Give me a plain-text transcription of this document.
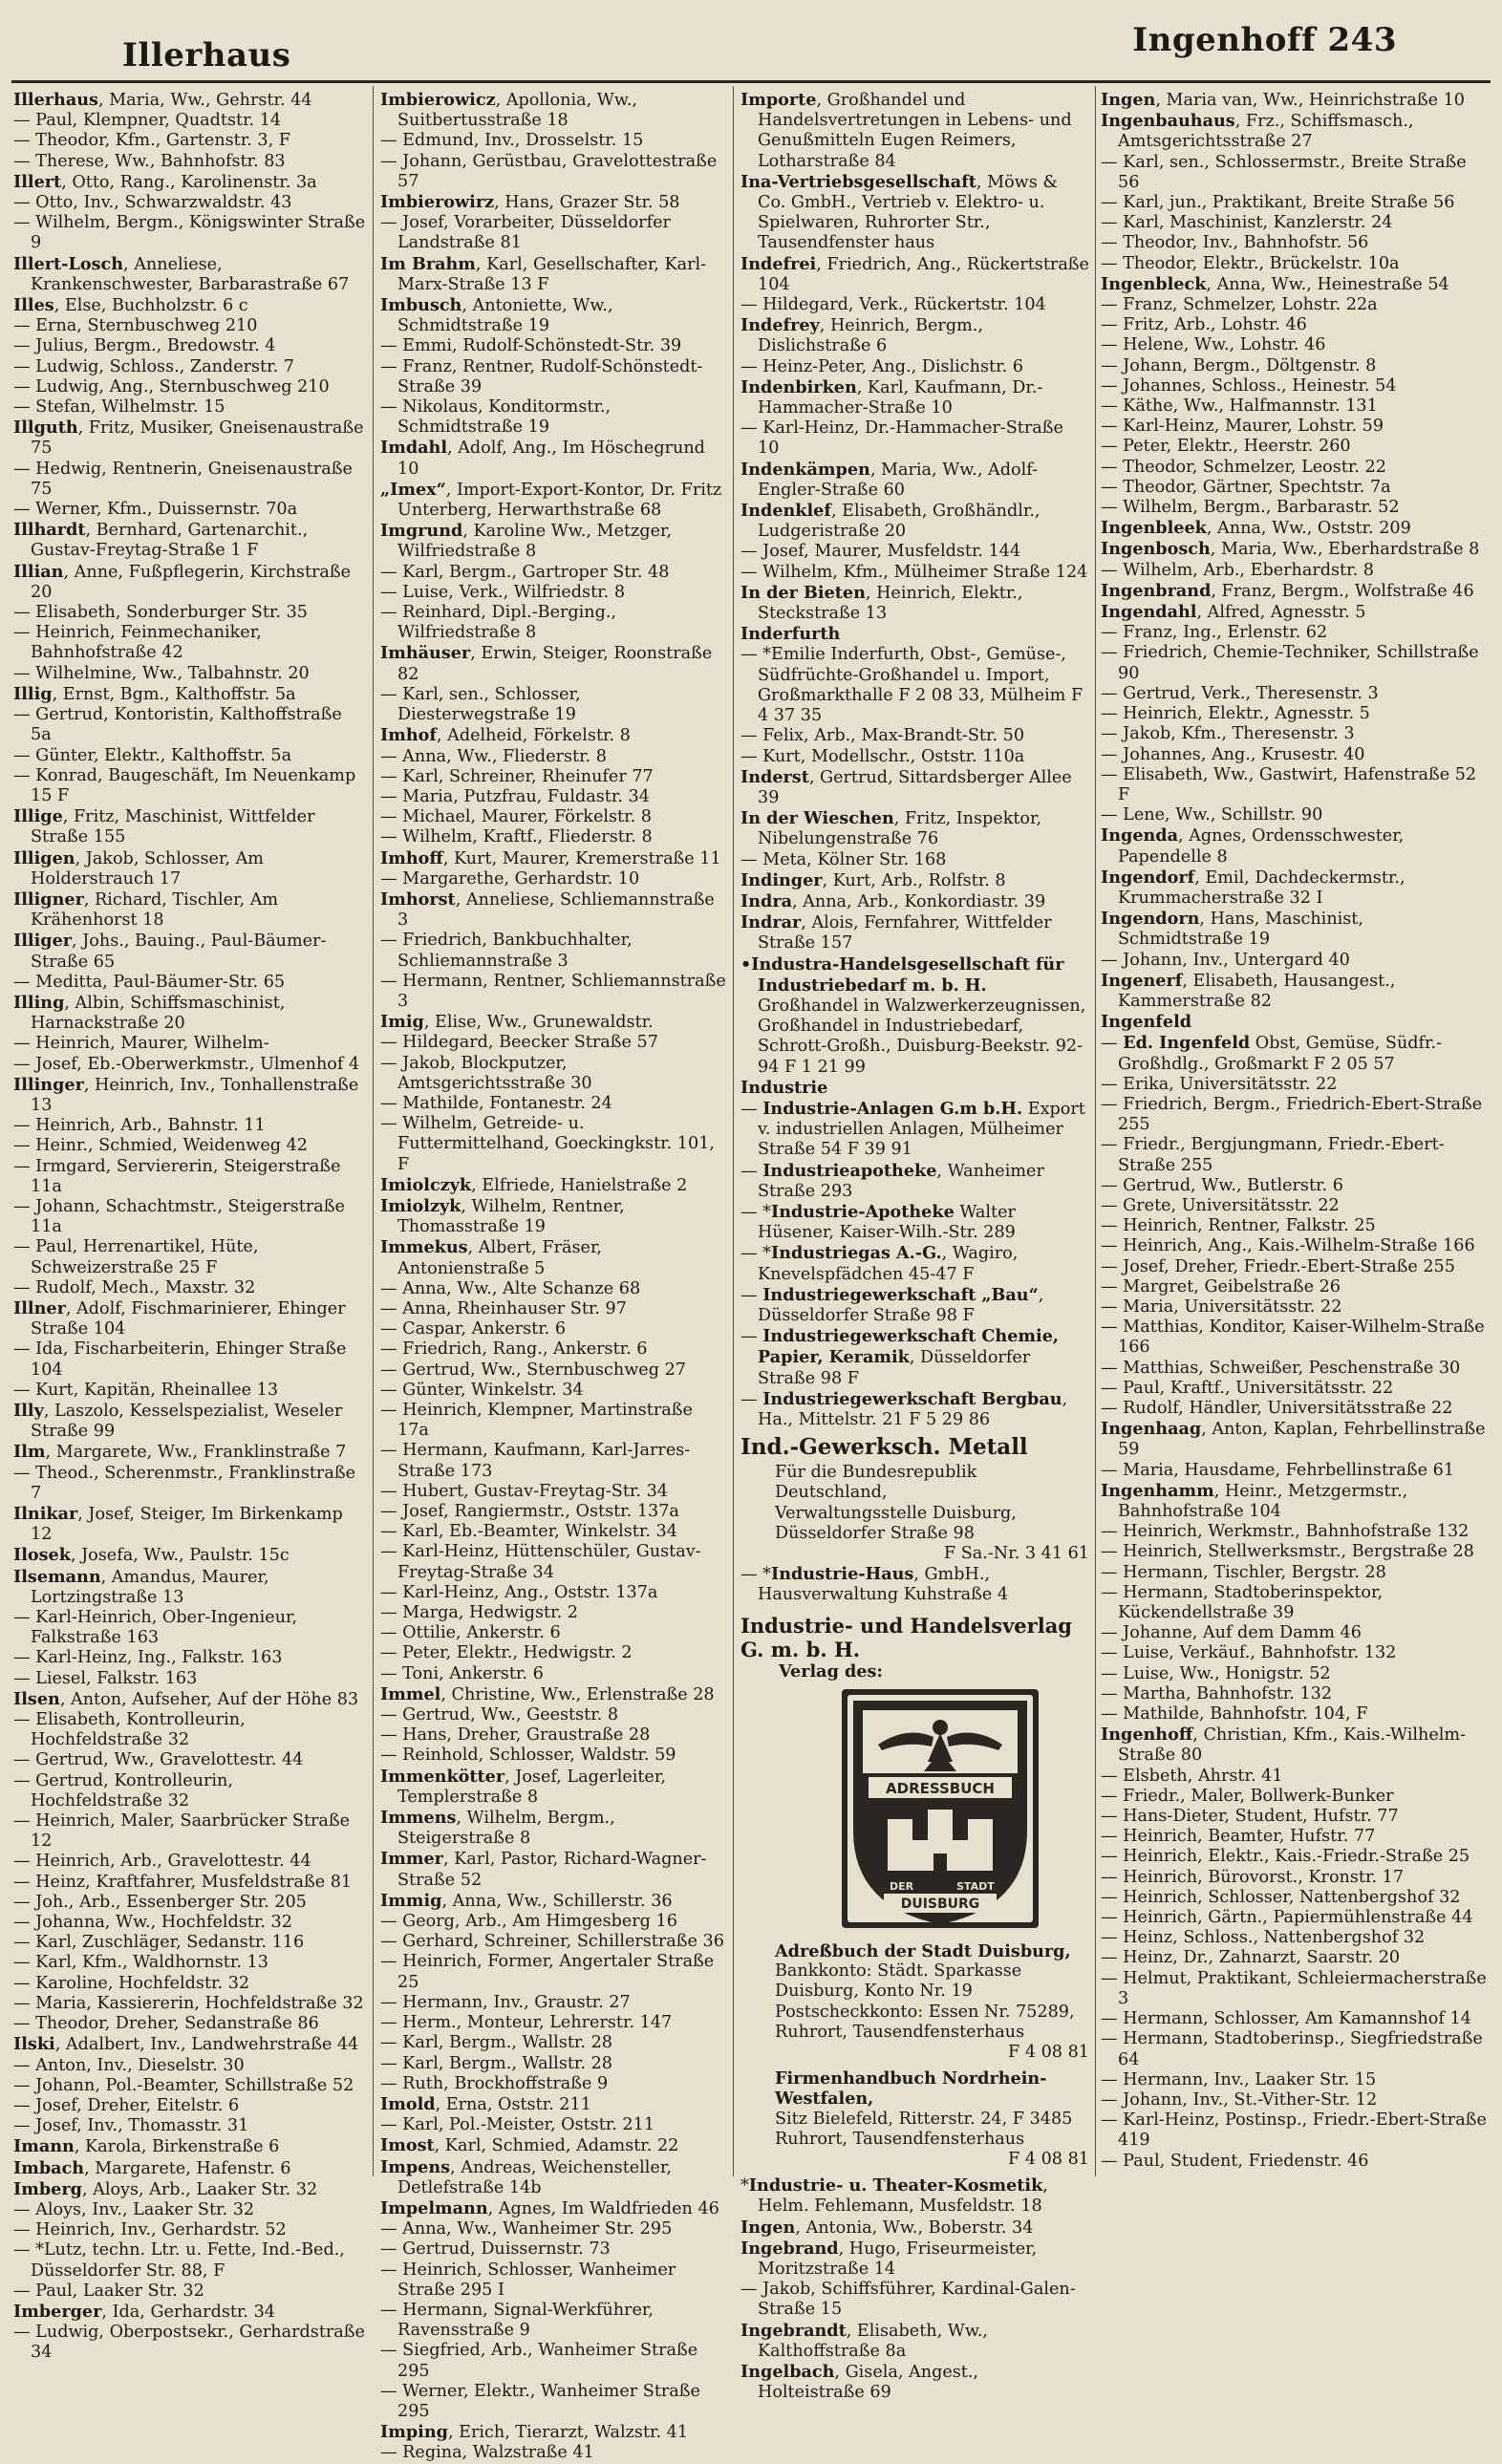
Illerhaus	Ingenhoff 243
Illerhaus, Maria, Ww., Gehrstr. 44
— Paul, Klempner, Quadtstr. 14
— Theodor, Kfm., Gartenstr. 3, F
— Therese, Ww., Bahnhofstr. 83
Illert, Otto, Rang., Karolinenstr. 3a
— Otto, Inv., Schwarzwaldstr. 43
— Wilhelm, Bergm., Königswinter Straße 9
Illert-Losch, Anneliese, Krankenschwester, Barbarastraße 67
Illes, Else, Buchholzstr. 6 c
— Erna, Sternbuschweg 210
— Julius, Bergm., Bredowstr. 4
— Ludwig, Schloss., Zanderstr. 7
— Ludwig, Ang., Sternbuschweg 210
— Stefan, Wilhelmstr. 15
Illguth, Fritz, Musiker, Gneisenaustraße 75
— Hedwig, Rentnerin, Gneisenaustraße 75
— Werner, Kfm., Duissernstr. 70a
Illhardt, Bernhard, Gartenarchit., Gustav-Freytag-Straße 1 F
Illian, Anne, Fußpflegerin, Kirchstraße 20
— Elisabeth, Sonderburger Str. 35
— Heinrich, Feinmechaniker, Bahnhofstraße 42
— Wilhelmine, Ww., Talbahnstr. 20
Illig, Ernst, Bgm., Kalthoffstr. 5a
— Gertrud, Kontoristin, Kalthoffstraße 5a
— Günter, Elektr., Kalthoffstr. 5a
— Konrad, Baugeschäft, Im Neuenkamp 15 F
Illige, Fritz, Maschinist, Wittfelder Straße 155
Illigen, Jakob, Schlosser, Am Holderstrauch 17
Illigner, Richard, Tischler, Am Krähenhorst 18
Illiger, Johs., Bauing., Paul-Bäumer-Straße 65
— Meditta, Paul-Bäumer-Str. 65
Illing, Albin, Schiffsmaschinist, Harnackstraße 20
— Heinrich, Maurer, Wilhelm-
— Josef, Eb.-Oberwerkmstr., Ulmenhof 4
Illinger, Heinrich, Inv., Tonhallenstraße 13
— Heinrich, Arb., Bahnstr. 11
— Heinr., Schmied, Weidenweg 42
— Irmgard, Serviererin, Steigerstraße 11a
— Johann, Schachtmstr., Steigerstraße 11a
— Paul, Herrenartikel, Hüte, Schweizerstraße 25 F
— Rudolf, Mech., Maxstr. 32
Illner, Adolf, Fischmarinierer, Ehinger Straße 104
— Ida, Fischarbeiterin, Ehinger Straße 104
— Kurt, Kapitän, Rheinallee 13
Illy, Laszolo, Kesselspezialist, Weseler Straße 99
Ilm, Margarete, Ww., Franklinstraße 7
— Theod., Scherenmstr., Franklinstraße 7
Ilnikar, Josef, Steiger, Im Birkenkamp 12
Ilosek, Josefa, Ww., Paulstr. 15c
Ilsemann, Amandus, Maurer, Lortzingstraße 13
— Karl-Heinrich, Ober-Ingenieur, Falkstraße 163
— Karl-Heinz, Ing., Falkstr. 163
— Liesel, Falkstr. 163
Ilsen, Anton, Aufseher, Auf der Höhe 83
— Elisabeth, Kontrolleurin, Hochfeldstraße 32
— Gertrud, Ww., Gravelottestr. 44
— Gertrud, Kontrolleurin, Hochfeldstraße 32
— Heinrich, Maler, Saarbrücker Straße 12
— Heinrich, Arb., Gravelottestr. 44
— Heinz, Kraftfahrer, Musfeldstraße 81
— Joh., Arb., Essenberger Str. 205
— Johanna, Ww., Hochfeldstr. 32
— Karl, Zuschläger, Sedanstr. 116
— Karl, Kfm., Waldhornstr. 13
— Karoline, Hochfeldstr. 32
— Maria, Kassiererin, Hochfeldstraße 32
— Theodor, Dreher, Sedanstraße 86
Ilski, Adalbert, Inv., Landwehrstraße 44
— Anton, Inv., Dieselstr. 30
— Johann, Pol.-Beamter, Schillstraße 52
— Josef, Dreher, Eitelstr. 6
— Josef, Inv., Thomasstr. 31
Imann, Karola, Birkenstraße 6
Imbach, Margarete, Hafenstr. 6
Imberg, Aloys, Arb., Laaker Str. 32
— Aloys, Inv., Laaker Str. 32
— Heinrich, Inv., Gerhardstr. 52
— *Lutz, techn. Ltr. u. Fette, Ind.-Bed., Düsseldorfer Str. 88, F
— Paul, Laaker Str. 32
Imberger, Ida, Gerhardstr. 34
— Ludwig, Oberpostsekr., Gerhardstraße 34
Imbierowicz, Apollonia, Ww., Suitbertusstraße 18
— Edmund, Inv., Drosselstr. 15
— Johann, Gerüstbau, Gravelottestraße 57
Imbierowirz, Hans, Grazer Str. 58
— Josef, Vorarbeiter, Düsseldorfer Landstraße 81
Im Brahm, Karl, Gesellschafter, Karl-Marx-Straße 13 F
Imbusch, Antoniette, Ww., Schmidtstraße 19
— Emmi, Rudolf-Schönstedt-Str. 39
— Franz, Rentner, Rudolf-Schönstedt-Straße 39
— Nikolaus, Konditormstr., Schmidtstraße 19
Imdahl, Adolf, Ang., Im Höschegrund 10
„Imex“, Import-Export-Kontor, Dr. Fritz Unterberg, Herwarthstraße 68
Imgrund, Karoline Ww., Metzger, Wilfriedstraße 8
— Karl, Bergm., Gartroper Str. 48
— Luise, Verk., Wilfriedstr. 8
— Reinhard, Dipl.-Berging., Wilfriedstraße 8
Imhäuser, Erwin, Steiger, Roonstraße 82
— Karl, sen., Schlosser, Diesterwegstraße 19
Imhof, Adelheid, Förkelstr. 8
— Anna, Ww., Fliederstr. 8
— Karl, Schreiner, Rheinufer 77
— Maria, Putzfrau, Fuldastr. 34
— Michael, Maurer, Förkelstr. 8
— Wilhelm, Kraftf., Fliederstr. 8
Imhoff, Kurt, Maurer, Kremerstraße 11
— Margarethe, Gerhardstr. 10
Imhorst, Anneliese, Schliemannstraße 3
— Friedrich, Bankbuchhalter, Schliemannstraße 3
— Hermann, Rentner, Schliemannstraße 3
Imig, Elise, Ww., Grunewaldstr.
— Hildegard, Beecker Straße 57
— Jakob, Blockputzer, Amtsgerichtsstraße 30
— Mathilde, Fontanestr. 24
— Wilhelm, Getreide- u. Futtermittelhand, Goeckingkstr. 101, F
Imiolczyk, Elfriede, Hanielstraße 2
Imiolzyk, Wilhelm, Rentner, Thomasstraße 19
Immekus, Albert, Fräser, Antonienstraße 5
— Anna, Ww., Alte Schanze 68
— Anna, Rheinhauser Str. 97
— Caspar, Ankerstr. 6
— Friedrich, Rang., Ankerstr. 6
— Gertrud, Ww., Sternbuschweg 27
— Günter, Winkelstr. 34
— Heinrich, Klempner, Martinstraße 17a
— Hermann, Kaufmann, Karl-Jarres-Straße 173
— Hubert, Gustav-Freytag-Str. 34
— Josef, Rangiermstr., Oststr. 137a
— Karl, Eb.-Beamter, Winkelstr. 34
— Karl-Heinz, Hüttenschüler, Gustav-Freytag-Straße 34
— Karl-Heinz, Ang., Oststr. 137a
— Marga, Hedwigstr. 2
— Ottilie, Ankerstr. 6
— Peter, Elektr., Hedwigstr. 2
— Toni, Ankerstr. 6
Immel, Christine, Ww., Erlenstraße 28
— Gertrud, Ww., Geeststr. 8
— Hans, Dreher, Graustraße 28
— Reinhold, Schlosser, Waldstr. 59
Immenkötter, Josef, Lagerleiter, Templerstraße 8
Immens, Wilhelm, Bergm., Steigerstraße 8
Immer, Karl, Pastor, Richard-Wagner-Straße 52
Immig, Anna, Ww., Schillerstr. 36
— Georg, Arb., Am Himgesberg 16
— Gerhard, Schreiner, Schillerstraße 36
— Heinrich, Former, Angertaler Straße 25
— Hermann, Inv., Graustr. 27
— Herm., Monteur, Lehrerstr. 147
— Karl, Bergm., Wallstr. 28
— Karl, Bergm., Wallstr. 28
— Ruth, Brockhoffstraße 9
Imold, Erna, Oststr. 211
— Karl, Pol.-Meister, Oststr. 211
Imost, Karl, Schmied, Adamstr. 22
Impens, Andreas, Weichensteller, Detlefstraße 14b
Impelmann, Agnes, Im Waldfrieden 46
— Anna, Ww., Wanheimer Str. 295
— Gertrud, Duissernstr. 73
— Heinrich, Schlosser, Wanheimer Straße 295 I
— Hermann, Signal-Werkführer, Ravensstraße 9
— Siegfried, Arb., Wanheimer Straße 295
— Werner, Elektr., Wanheimer Straße 295
Imping, Erich, Tierarzt, Walzstr. 41
— Regina, Walzstraße 41
Importe, Großhandel und Handelsvertretungen in Lebens- und Genußmitteln Eugen Reimers, Lotharstraße 84
Ina-Vertriebsgesellschaft, Möws & Co. GmbH., Vertrieb v. Elektro- u. Spielwaren, Ruhrorter Str., Tausendfenster haus
Indefrei, Friedrich, Ang., Rückertstraße 104
— Hildegard, Verk., Rückertstr. 104
Indefrey, Heinrich, Bergm., Dislichstraße 6
— Heinz-Peter, Ang., Dislichstr. 6
Indenbirken, Karl, Kaufmann, Dr.-Hammacher-Straße 10
— Karl-Heinz, Dr.-Hammacher-Straße 10
Indenkämpen, Maria, Ww., Adolf-Engler-Straße 60
Indenklef, Elisabeth, Großhändlr., Ludgeristraße 20
— Josef, Maurer, Musfeldstr. 144
— Wilhelm, Kfm., Mülheimer Straße 124
In der Bieten, Heinrich, Elektr., Steckstraße 13
Inderfurth
— *Emilie Inderfurth, Obst-, Gemüse-, Südfrüchte-Großhandel u. Import, Großmarkthalle F 2 08 33, Mülheim F 4 37 35
— Felix, Arb., Max-Brandt-Str. 50
— Kurt, Modellschr., Oststr. 110a
Inderst, Gertrud, Sittardsberger Allee 39
In der Wieschen, Fritz, Inspektor, Nibelungenstraße 76
— Meta, Kölner Str. 168
Indinger, Kurt, Arb., Rolfstr. 8
Indra, Anna, Arb., Konkordiastr. 39
Indrar, Alois, Fernfahrer, Wittfelder Straße 157
•Industra-Handelsgesellschaft für Industriebedarf m. b. H. Großhandel in Walzwerkerzeugnissen, Großhandel in Industriebedarf, Schrott-Großh., Duisburg-Beekstr. 92-94 F 1 21 99
Industrie
— Industrie-Anlagen G.m b.H. Export v. industriellen Anlagen, Mülheimer Straße 54 F 39 91
— Industrieapotheke, Wanheimer Straße 293
— *Industrie-Apotheke Walter Hüsener, Kaiser-Wilh.-Str. 289
— *Industriegas A.-G., Wagiro, Knevelspfädchen 45-47 F
— Industriegewerkschaft „Bau“, Düsseldorfer Straße 98 F
— Industriegewerkschaft Chemie, Papier, Keramik, Düsseldorfer Straße 98 F
— Industriegewerkschaft Bergbau, Ha., Mittelstr. 21 F 5 29 86
Ind.-Gewerksch. Metall
Für die Bundesrepublik
Deutschland,
Verwaltungsstelle Duisburg,
Düsseldorfer Straße 98
F Sa.-Nr. 3 41 61
— *Industrie-Haus, GmbH., Hausverwaltung Kuhstraße 4
Industrie- und Handelsverlag G. m. b. H.
Verlag des:
ADRESSBUCH
DER	STADT
DUISBURG
Adreßbuch der Stadt Duisburg,
Bankkonto: Städt. Sparkasse Duisburg, Konto Nr. 19
Postscheckkonto: Essen Nr. 75289,
Ruhrort, Tausendfensterhaus
F 4 08 81
Firmenhandbuch Nordrhein-Westfalen,
Sitz Bielefeld, Ritterstr. 24, F 3485
Ruhrort, Tausendfensterhaus
F 4 08 81
*Industrie- u. Theater-Kosmetik, Helm. Fehlemann, Musfeldstr. 18
Ingen, Antonia, Ww., Boberstr. 34
Ingebrand, Hugo, Friseurmeister, Moritzstraße 14
— Jakob, Schiffsführer, Kardinal-Galen-Straße 15
Ingebrandt, Elisabeth, Ww., Kalthoffstraße 8a
Ingelbach, Gisela, Angest., Holteistraße 69
Ingen, Maria van, Ww., Heinrichstraße 10
Ingenbauhaus, Frz., Schiffsmasch., Amtsgerichtsstraße 27
— Karl, sen., Schlossermstr., Breite Straße 56
— Karl, jun., Praktikant, Breite Straße 56
— Karl, Maschinist, Kanzlerstr. 24
— Theodor, Inv., Bahnhofstr. 56
— Theodor, Elektr., Brückelstr. 10a
Ingenbleck, Anna, Ww., Heinestraße 54
— Franz, Schmelzer, Lohstr. 22a
— Fritz, Arb., Lohstr. 46
— Helene, Ww., Lohstr. 46
— Johann, Bergm., Döltgenstr. 8
— Johannes, Schloss., Heinestr. 54
— Käthe, Ww., Halfmannstr. 131
— Karl-Heinz, Maurer, Lohstr. 59
— Peter, Elektr., Heerstr. 260
— Theodor, Schmelzer, Leostr. 22
— Theodor, Gärtner, Spechtstr. 7a
— Wilhelm, Bergm., Barbarastr. 52
Ingenbleek, Anna, Ww., Oststr. 209
Ingenbosch, Maria, Ww., Eberhardstraße 8
— Wilhelm, Arb., Eberhardstr. 8
Ingenbrand, Franz, Bergm., Wolfstraße 46
Ingendahl, Alfred, Agnesstr. 5
— Franz, Ing., Erlenstr. 62
— Friedrich, Chemie-Techniker, Schillstraße 90
— Gertrud, Verk., Theresenstr. 3
— Heinrich, Elektr., Agnesstr. 5
— Jakob, Kfm., Theresenstr. 3
— Johannes, Ang., Krusestr. 40
— Elisabeth, Ww., Gastwirt, Hafenstraße 52 F
— Lene, Ww., Schillstr. 90
Ingenda, Agnes, Ordensschwester, Papendelle 8
Ingendorf, Emil, Dachdeckermstr., Krummacherstraße 32 I
Ingendorn, Hans, Maschinist, Schmidtstraße 19
— Johann, Inv., Untergard 40
Ingenerf, Elisabeth, Hausangest., Kammerstraße 82
Ingenfeld
— Ed. Ingenfeld Obst, Gemüse, Südfr.-Großhdlg., Großmarkt F 2 05 57
— Erika, Universitätsstr. 22
— Friedrich, Bergm., Friedrich-Ebert-Straße 255
— Friedr., Bergjungmann, Friedr.-Ebert-Straße 255
— Gertrud, Ww., Butlerstr. 6
— Grete, Universitätsstr. 22
— Heinrich, Rentner, Falkstr. 25
— Heinrich, Ang., Kais.-Wilhelm-Straße 166
— Josef, Dreher, Friedr.-Ebert-Straße 255
— Margret, Geibelstraße 26
— Maria, Universitätsstr. 22
— Matthias, Konditor, Kaiser-Wilhelm-Straße 166
— Matthias, Schweißer, Peschenstraße 30
— Paul, Kraftf., Universitätsstr. 22
— Rudolf, Händler, Universitätsstraße 22
Ingenhaag, Anton, Kaplan, Fehrbellinstraße 59
— Maria, Hausdame, Fehrbellinstraße 61
Ingenhamm, Heinr., Metzgermstr., Bahnhofstraße 104
— Heinrich, Werkmstr., Bahnhofstraße 132
— Heinrich, Stellwerksmstr., Bergstraße 28
— Hermann, Tischler, Bergstr. 28
— Hermann, Stadtoberinspektor, Kückendellstraße 39
— Johanne, Auf dem Damm 46
— Luise, Verkäuf., Bahnhofstr. 132
— Luise, Ww., Honigstr. 52
— Martha, Bahnhofstr. 132
— Mathilde, Bahnhofstr. 104, F
Ingenhoff, Christian, Kfm., Kais.-Wilhelm-Straße 80
— Elsbeth, Ahrstr. 41
— Friedr., Maler, Bollwerk-Bunker
— Hans-Dieter, Student, Hufstr. 77
— Heinrich, Beamter, Hufstr. 77
— Heinrich, Elektr., Kais.-Friedr.-Straße 25
— Heinrich, Bürovorst., Kronstr. 17
— Heinrich, Schlosser, Nattenbergshof 32
— Heinrich, Gärtn., Papiermühlenstraße 44
— Heinz, Schloss., Nattenbergshof 32
— Heinz, Dr., Zahnarzt, Saarstr. 20
— Helmut, Praktikant, Schleiermacherstraße 3
— Hermann, Schlosser, Am Kamannshof 14
— Hermann, Stadtoberinsp., Siegfriedstraße 64
— Hermann, Inv., Laaker Str. 15
— Johann, Inv., St.-Vither-Str. 12
— Karl-Heinz, Postinsp., Friedr.-Ebert-Straße 419
— Paul, Student, Friedenstr. 46
